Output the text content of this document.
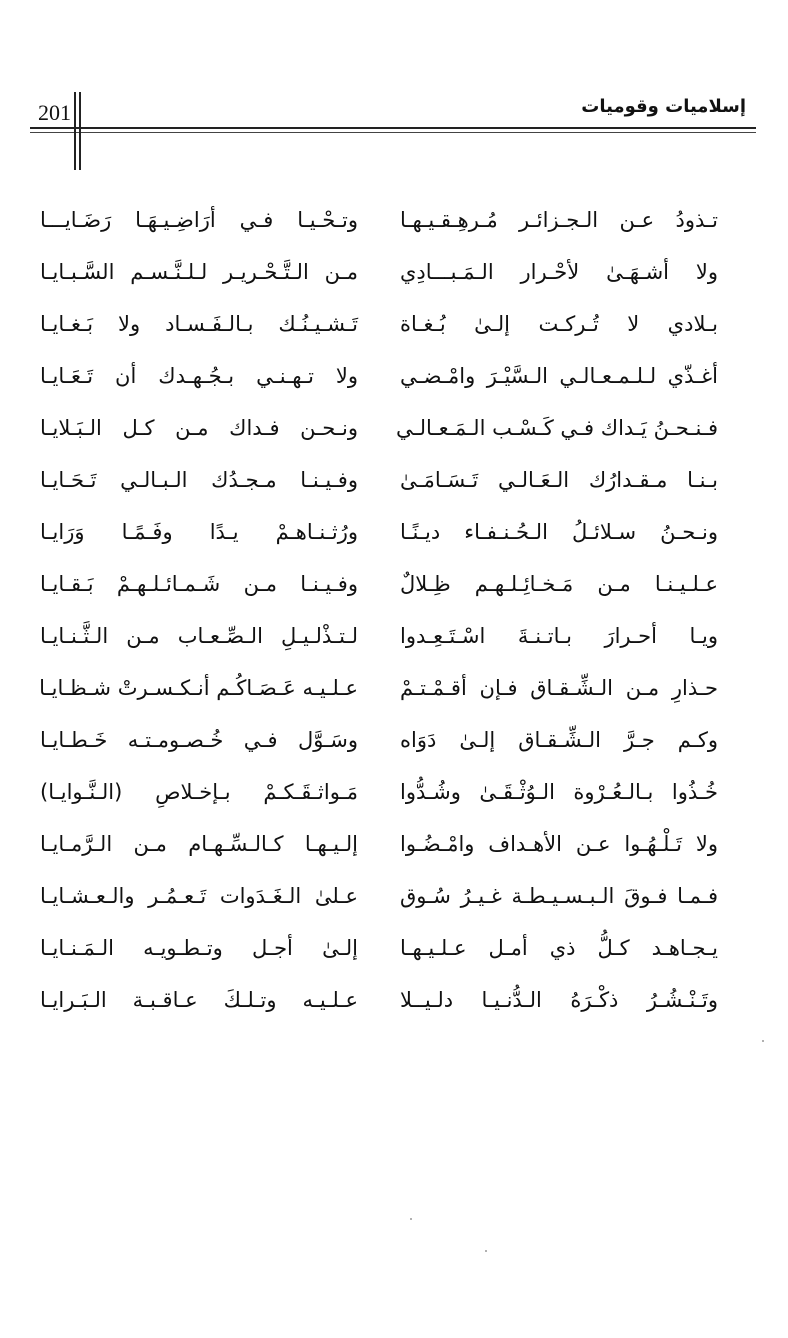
201	إسلاميات وقوميات
تـذودُ عـن الـجـزائـر مُـرهِـقـيـهـا
وتـحْـيـا فـي أرَاضِـيـهَـا رَضَـايـــا
ولا أشـهَـىٰ لأحْـرار الـمَـبـــادِي
مـن الـتَّـحْـريـر لـلـنَّـسـم السَّـبـايـا
بـلادي لا تُـركـت إلـىٰ بُـغـاة
تَـشـيـنُـك بـالـفَـسـاد ولا بَـغـايـا
أغـذّي لـلـمـعـالـي الـسَّيْـرَ وامْـضـي
ولا تـهـنـي بـجُـهـدك أن تَـعَـايـا
فـنـحـنُ يَـداك فـي كَـسْـب الـمَـعـالـي
ونـحـن فـداك مـن كـل الـبَـلايـا
بـنـا مـقـدارُك الـعَـالـي تَـسَـامَـىٰ
وفـيـنـا مـجـدُك الـبـالـي تَـحَـايـا
ونـحـنُ سـلائـلُ الـحُـنـفـاء ديـنًـا
ورُثـنـاهـمْ يـدًا وفَـمًـا وَرَايـا
عـلـيـنـا مـن مَـخـائِـلـهـم ظِـلالٌ
وفـيـنـا مـن شَـمـائـلـهـمْ بَـقـايـا
ويـا أحـرارَ بـاتـنـةَ اسْـتَـعِـدوا
لـتـذْلـيـلِ الـصِّـعـاب مـن الـثَّـنـايـا
حـذارِ مـن الـشِّـقـاق فـإن أقـمْـتـمْ
عـلـيـه عَـصَـاكُـم أنـكـسـرتْ شـظـايـا
وكـم جـرَّ الـشِّـقـاق إلـىٰ دَوَاه
وسَـوَّل فـي خُـصـومـتـه خَـطـايـا
خُـذُوا بـالـعُـرْوة الـوُثْـقَـىٰ وشُـدُّوا
مَـواثـقَـكـمْ بـإخـلاصِ (الـنَّـوايـا)
ولا تَـلْـهُـوا عـن الأهـداف وامْـضُـوا
إلـيـهـا كـالـسِّـهـام مـن الـرَّمـايـا
فـمـا فـوقَ الـبـسـيـطـة غـيـرُ سُـوق
عـلىٰ الـغَـدَوات تَـعـمُـر والـعـشـايـا
يـجـاهـد كـلُّ ذي أمـل عـلـيـهـا
إلـىٰ أجـل وتـطـويـه الـمَـنـايـا
وتَـنْـشُـرُ ذكْـرَهُ الـدُّنـيـا دلـيــلا
عـلـيـه وتـلـكَ عـاقـبـة الـبَـرايـا
